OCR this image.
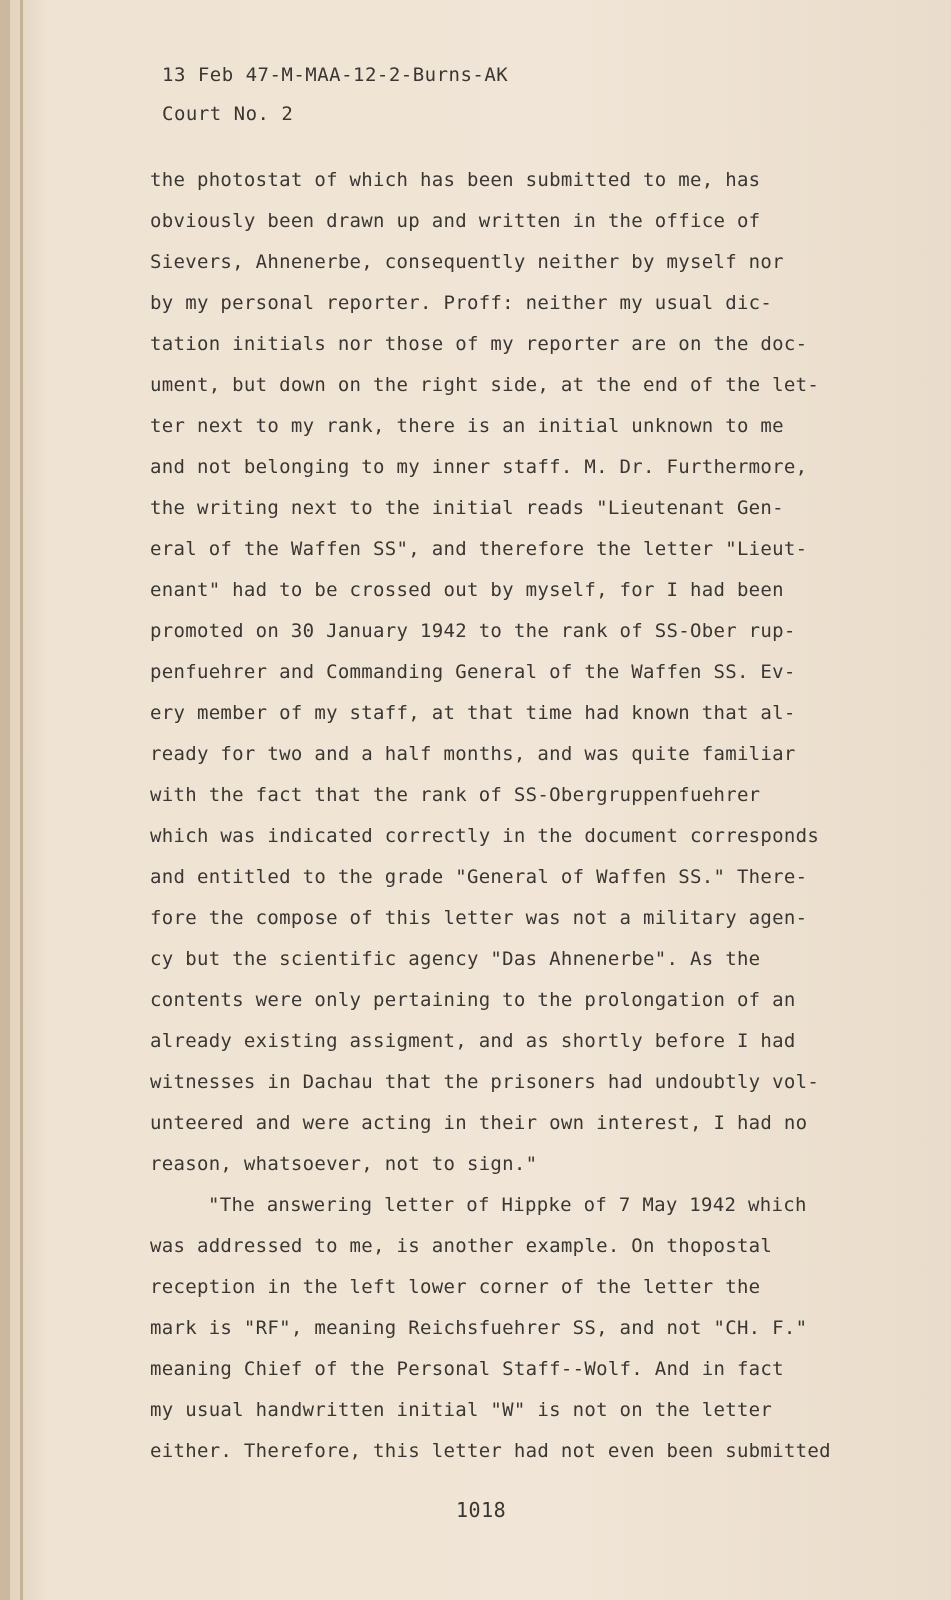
13 Feb 47-M-MAA-12-2-Burns-AK
Court No. 2
the photostat of which has been submitted to me, has
obviously been drawn up and written in the office of
Sievers, Ahnenerbe, consequently neither by myself nor
by my personal reporter. Proff: neither my usual dic-
tation initials nor those of my reporter are on the doc-
ument, but down on the right side, at the end of the let-
ter next to my rank, there is an initial unknown to me
and not belonging to my inner staff. M. Dr. Furthermore,
the writing next to the initial reads "Lieutenant Gen-
eral of the Waffen SS", and therefore the letter "Lieut-
enant" had to be crossed out by myself, for I had been
promoted on 30 January 1942 to the rank of SS-Ober rup-
penfuehrer and Commanding General of the Waffen SS. Ev-
ery member of my staff, at that time had known that al-
ready for two and a half months, and was quite familiar
with the fact that the rank of SS-Obergruppenfuehrer
which was indicated correctly in the document corresponds
and entitled to the grade "General of Waffen SS." There-
fore the compose of this letter was not a military agen-
cy but the scientific agency "Das Ahnenerbe". As the
contents were only pertaining to the prolongation of an
already existing assigment, and as shortly before I had
witnesses in Dachau that the prisoners had undoubtly vol-
unteered and were acting in their own interest, I had no
reason, whatsoever, not to sign."
"The answering letter of Hippke of 7 May 1942 which
was addressed to me, is another example. On thopostal
reception in the left lower corner of the letter the
mark is "RF", meaning Reichsfuehrer SS, and not "CH. F."
meaning Chief of the Personal Staff--Wolf. And in fact
my usual handwritten initial "W" is not on the letter
either. Therefore, this letter had not even been submitted
1018
